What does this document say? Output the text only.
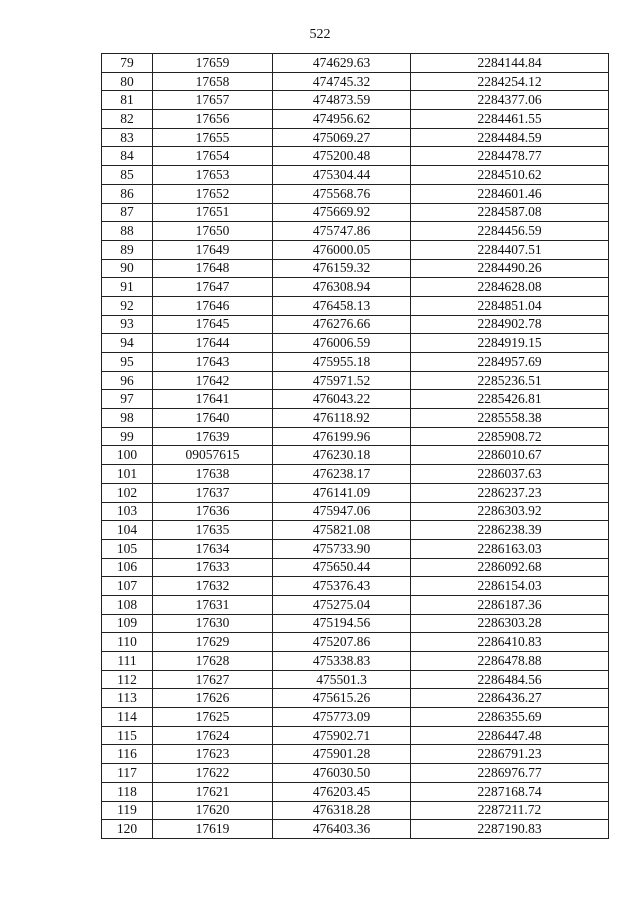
522
79	17659	474629.63	2284144.84
80	17658	474745.32	2284254.12
81	17657	474873.59	2284377.06
82	17656	474956.62	2284461.55
83	17655	475069.27	2284484.59
84	17654	475200.48	2284478.77
85	17653	475304.44	2284510.62
86	17652	475568.76	2284601.46
87	17651	475669.92	2284587.08
88	17650	475747.86	2284456.59
89	17649	476000.05	2284407.51
90	17648	476159.32	2284490.26
91	17647	476308.94	2284628.08
92	17646	476458.13	2284851.04
93	17645	476276.66	2284902.78
94	17644	476006.59	2284919.15
95	17643	475955.18	2284957.69
96	17642	475971.52	2285236.51
97	17641	476043.22	2285426.81
98	17640	476118.92	2285558.38
99	17639	476199.96	2285908.72
100	09057615	476230.18	2286010.67
101	17638	476238.17	2286037.63
102	17637	476141.09	2286237.23
103	17636	475947.06	2286303.92
104	17635	475821.08	2286238.39
105	17634	475733.90	2286163.03
106	17633	475650.44	2286092.68
107	17632	475376.43	2286154.03
108	17631	475275.04	2286187.36
109	17630	475194.56	2286303.28
110	17629	475207.86	2286410.83
111	17628	475338.83	2286478.88
112	17627	475501.3	2286484.56
113	17626	475615.26	2286436.27
114	17625	475773.09	2286355.69
115	17624	475902.71	2286447.48
116	17623	475901.28	2286791.23
117	17622	476030.50	2286976.77
118	17621	476203.45	2287168.74
119	17620	476318.28	2287211.72
120	17619	476403.36	2287190.83
